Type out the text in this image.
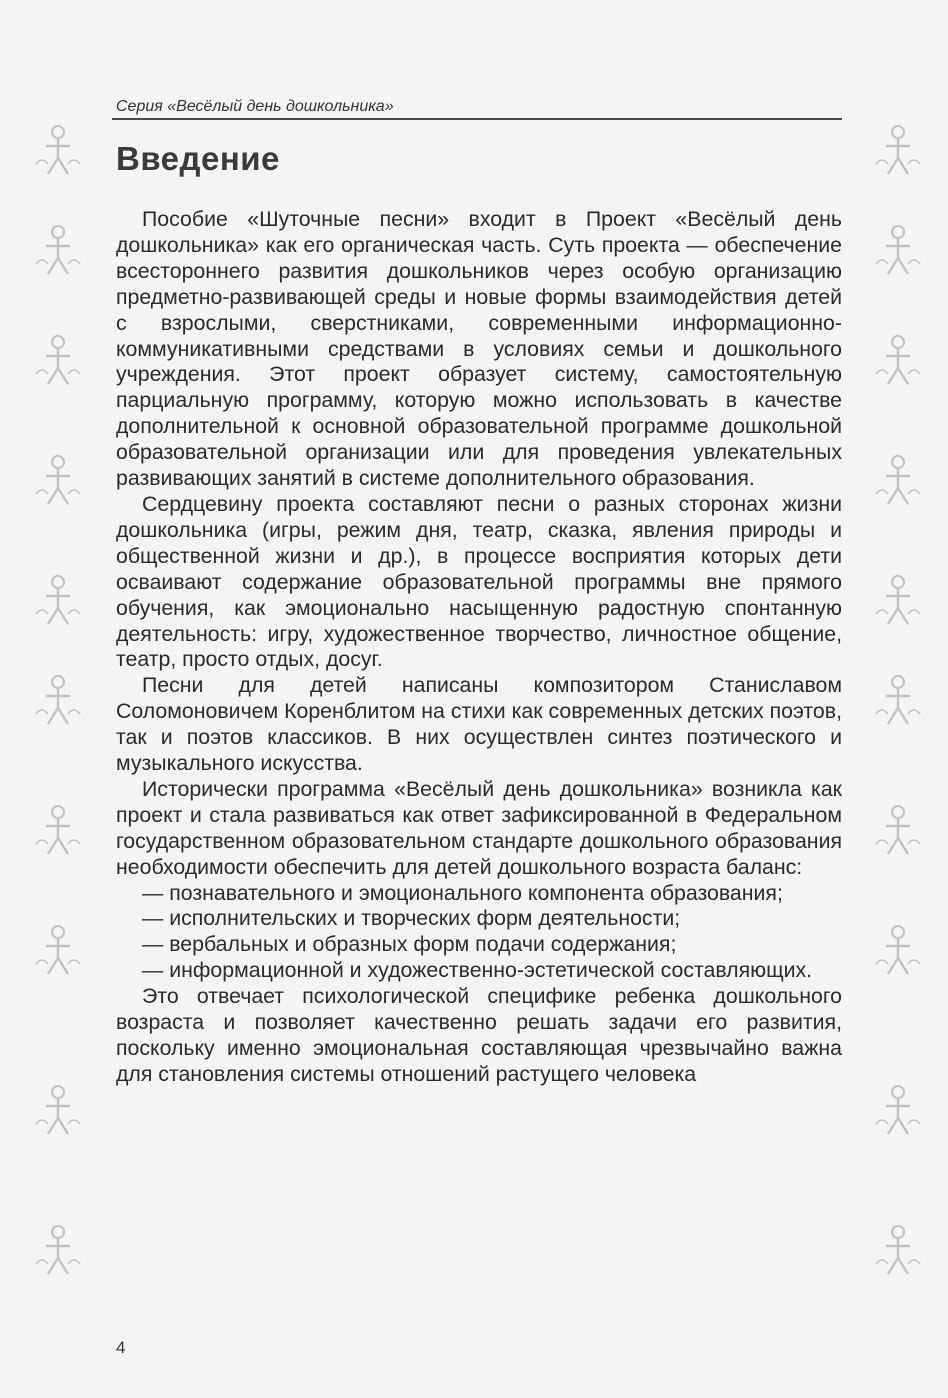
Серия «Весёлый день дошкольника»
Введение

Пособие «Шуточные песни» входит в Проект «Весёлый день дошкольника» как его органическая часть. Суть проекта — обеспечение всестороннего развития дошкольников через особую организацию предметно-развивающей среды и новые формы взаимодействия детей с взрослыми, сверстниками, современными информационно-коммуникативными средствами в условиях семьи и дошкольного учреждения. Этот проект образует систему, самостоятельную парциальную программу, которую можно использовать в качестве дополнительной к основной образовательной программе дошкольной образовательной организации или для проведения увлекательных развивающих занятий в системе дополнительного образования.

Сердцевину проекта составляют песни о разных сторонах жизни дошкольника (игры, режим дня, театр, сказка, явления природы и общественной жизни и др.), в процессе восприятия которых дети осваивают содержание образовательной программы вне прямого обучения, как эмоционально насыщенную радостную спонтанную деятельность: игру, художественное творчество, личностное общение, театр, просто отдых, досуг.

Песни для детей написаны композитором Станиславом Соломоновичем Коренблитом на стихи как современных детских поэтов, так и поэтов классиков. В них осуществлен синтез поэтического и музыкального искусства.

Исторически программа «Весёлый день дошкольника» возникла как проект и стала развиваться как ответ зафиксированной в Федеральном государственном образовательном стандарте дошкольного образования необходимости обеспечить для детей дошкольного возраста баланс:

— познавательного и эмоционального компонента образования;
— исполнительских и творческих форм деятельности;
— вербальных и образных форм подачи содержания;
— информационной и художественно-эстетической составляющих.

Это отвечает психологической специфике ребенка дошкольного возраста и позволяет качественно решать задачи его развития, поскольку именно эмоциональная составляющая чрезвычайно важна для становления системы отношений растущего человека

4
